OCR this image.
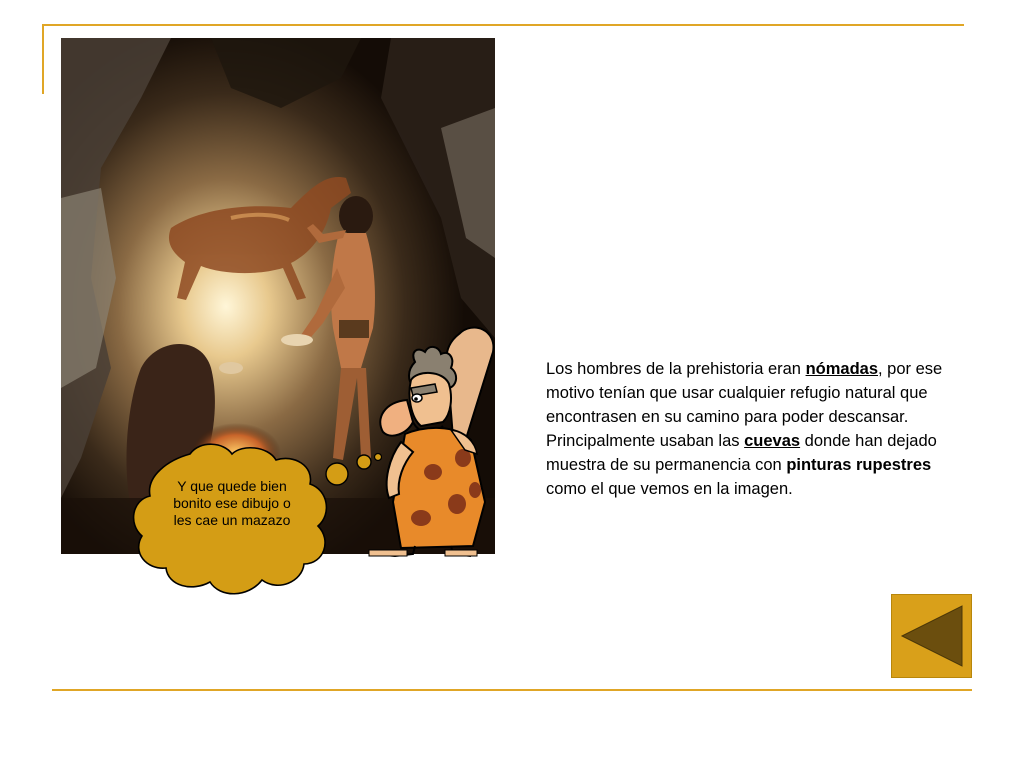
Y que quede bien bonito ese dibujo o les cae un mazazo

Los hombres de la prehistoria eran nómadas, por ese motivo tenían que usar cualquier refugio natural que encontrasen en su camino para poder descansar.

Principalmente usaban las cuevas donde han dejado muestra de su permanencia con pinturas rupestres como el que vemos en la imagen.
